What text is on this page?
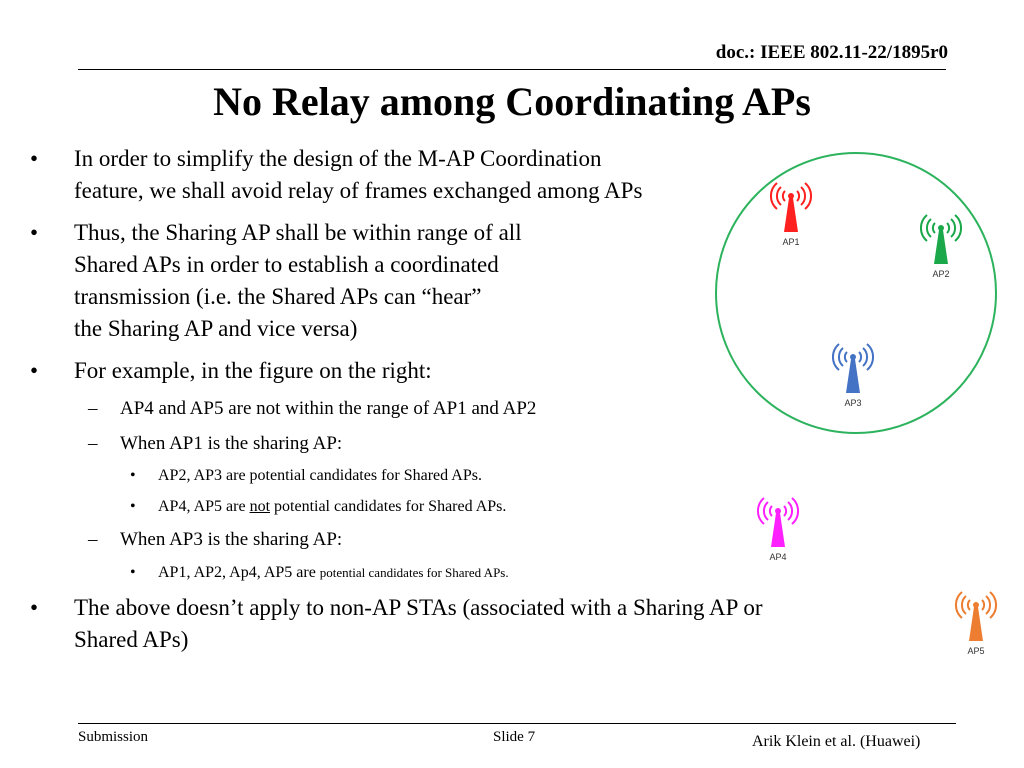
doc.: IEEE 802.11-22/1895r0
No Relay among Coordinating APs
• In order to simplify the design of the M-AP Coordination
feature, we shall avoid relay of frames exchanged among APs
• Thus, the Sharing AP shall be within range of all
Shared APs in order to establish a coordinated
transmission (i.e. the Shared APs can “hear”
the Sharing AP and vice versa)
• For example, in the figure on the right:
– AP4 and AP5 are not within the range of AP1 and AP2
– When AP1 is the sharing AP:
• AP2, AP3 are potential candidates for Shared APs.
• AP4, AP5 are not potential candidates for Shared APs.
– When AP3 is the sharing AP:
• AP1, AP2, Ap4, AP5 are potential candidates for Shared APs.
• The above doesn’t apply to non-AP STAs (associated with a Sharing AP or
Shared APs)
AP1
AP2
AP3
AP4
AP5
Submission	Slide 7	Arik Klein et al. (Huawei)
